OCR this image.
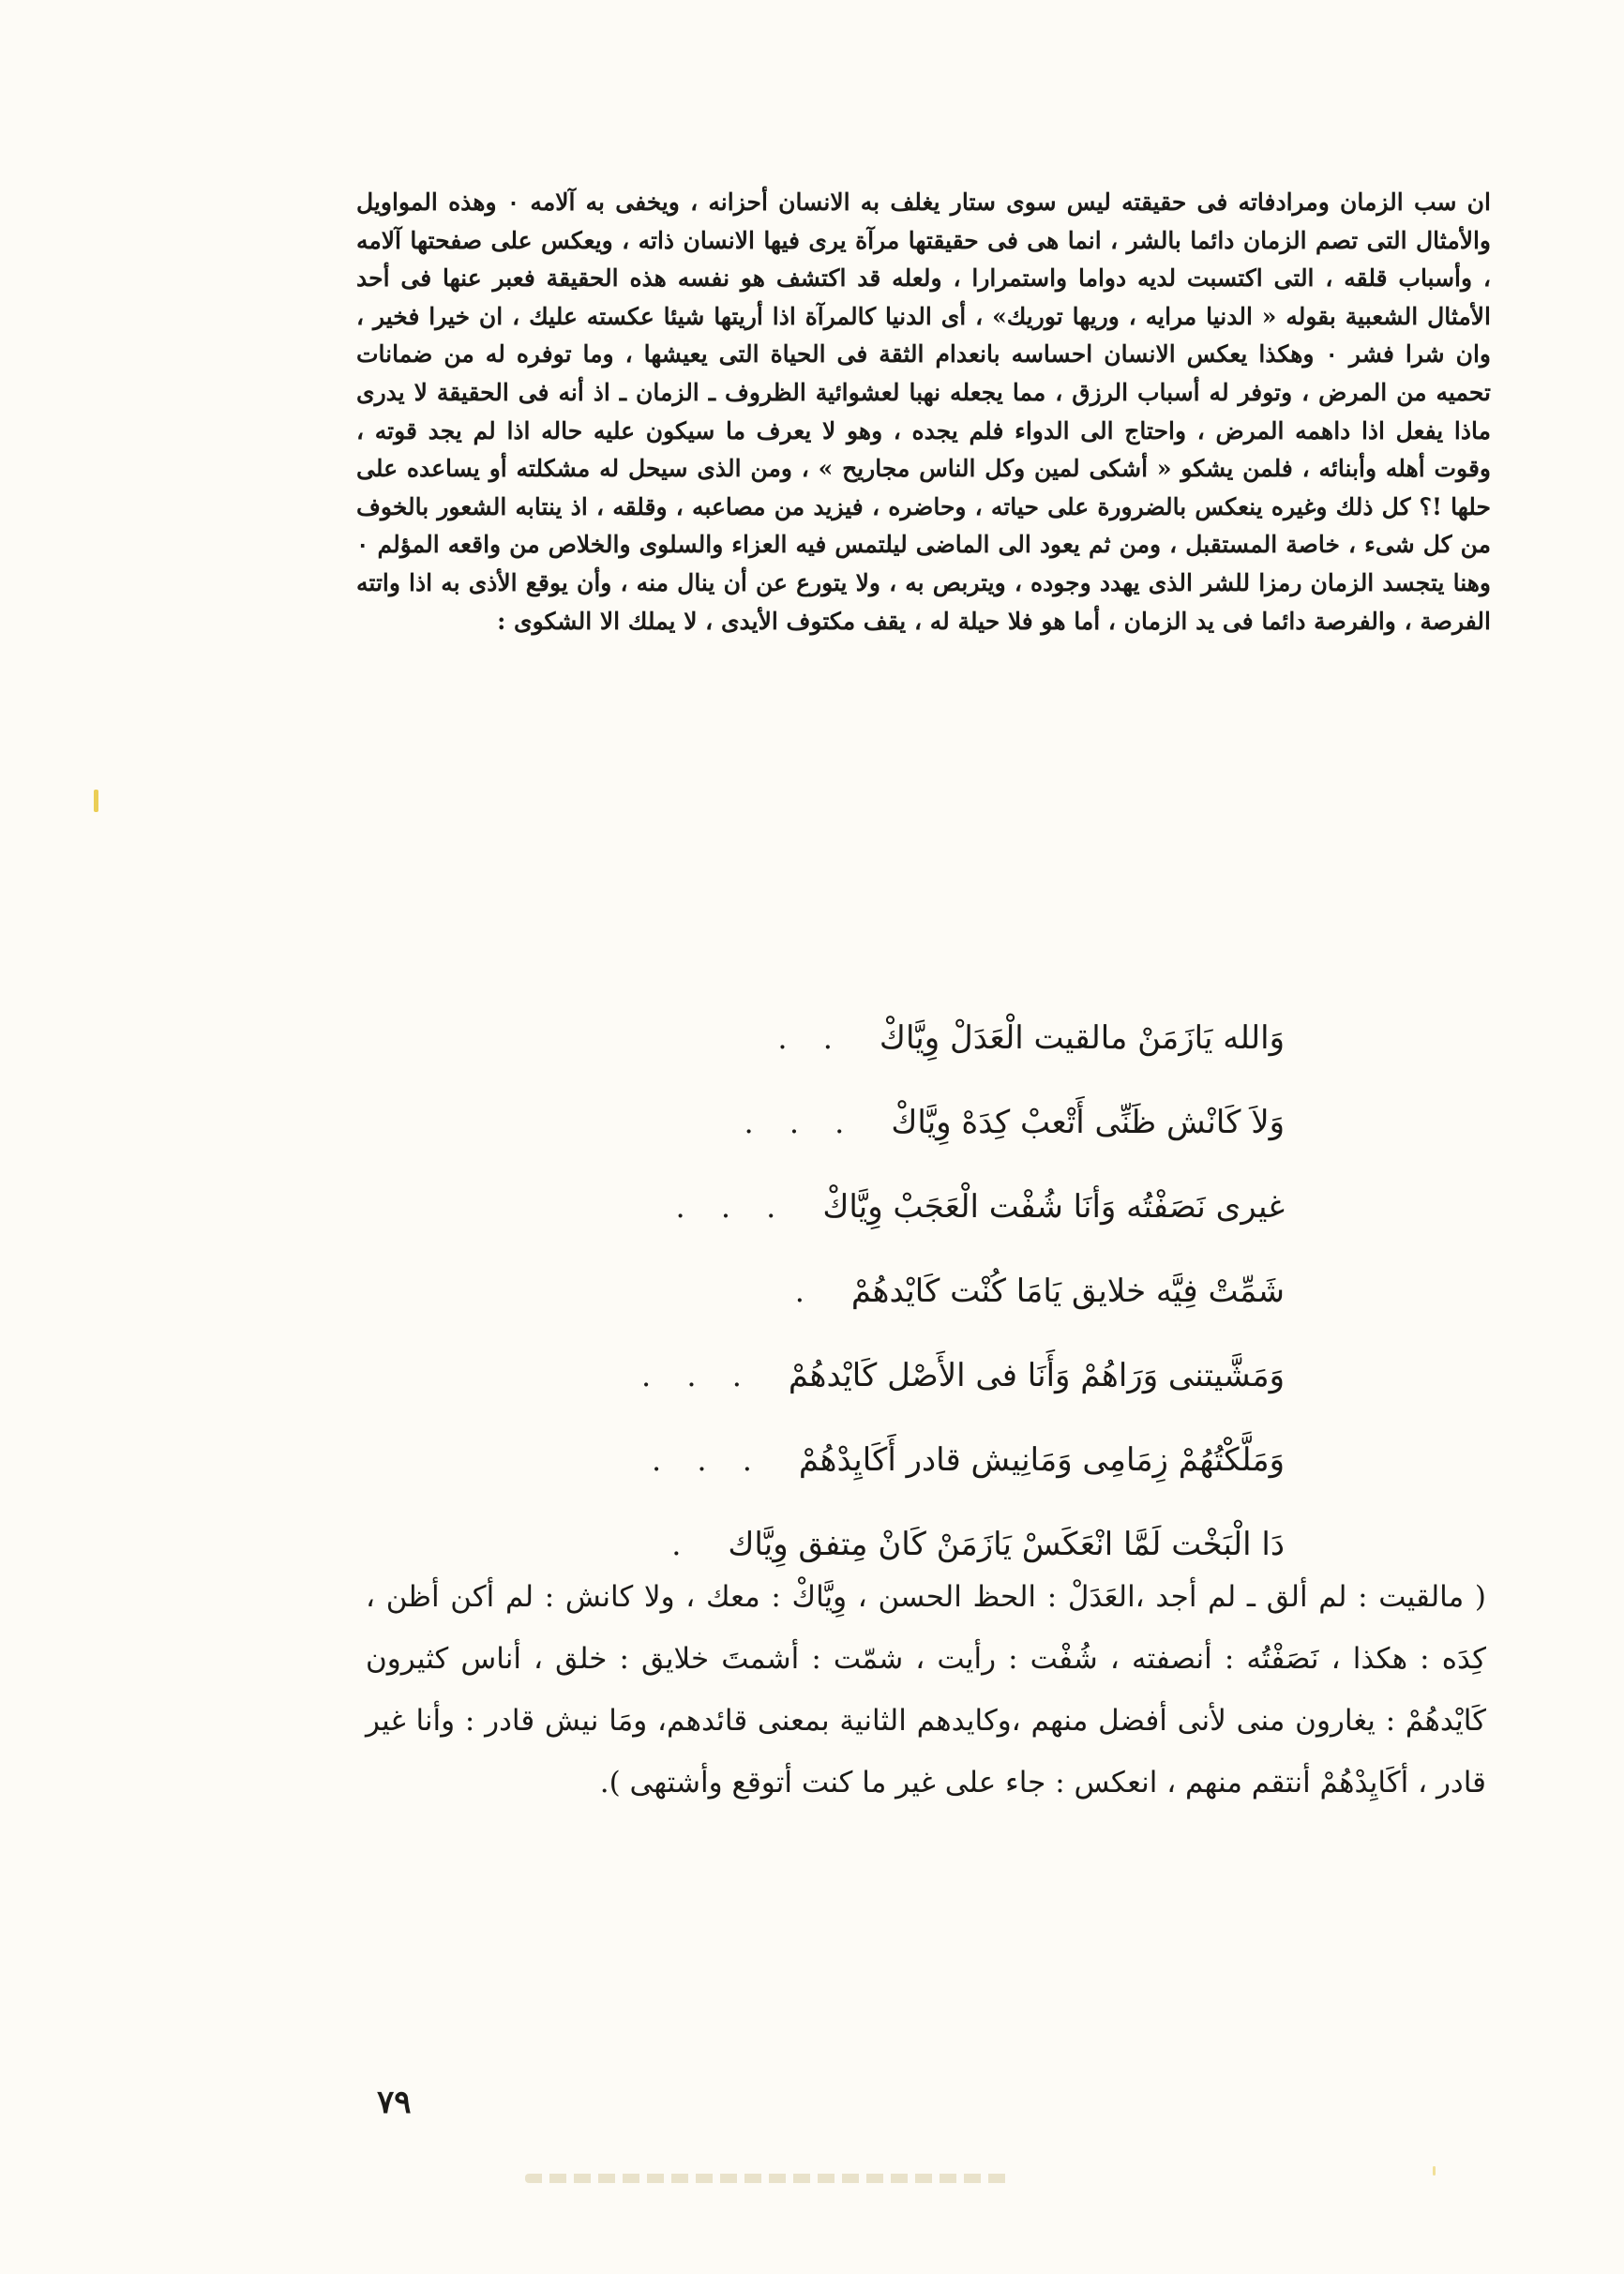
ان سب الزمان ومرادفاته فى حقيقته ليس سوى ستار يغلف به الانسان أحزانه ، ويخفى به آلامه ٠ وهذه المواويل والأمثال التى تصم الزمان دائما بالشر ، انما هى فى حقيقتها مرآة يرى فيها الانسان ذاته ، ويعكس على صفحتها آلامه ، وأسباب قلقه ، التى اكتسبت لديه دواما واستمرارا ، ولعله قد اكتشف هو نفسه هذه الحقيقة فعبر عنها فى أحد الأمثال الشعبية بقوله « الدنيا مرايه ، وريها توريك» ، أى الدنيا كالمرآة اذا أريتها شيئا عكسته عليك ، ان خيرا فخير ، وان شرا فشر ٠ وهكذا يعكس الانسان احساسه بانعدام الثقة فى الحياة التى يعيشها ، وما توفره له من ضمانات تحميه من المرض ، وتوفر له أسباب الرزق ، مما يجعله نهبا لعشوائية الظروف ـ الزمان ـ اذ أنه فى الحقيقة لا يدرى ماذا يفعل اذا داهمه المرض ، واحتاج الى الدواء فلم يجده ، وهو لا يعرف ما سيكون عليه حاله اذا لم يجد قوته ، وقوت أهله وأبنائه ، فلمن يشكو « أشكى لمين وكل الناس مجاريح » ، ومن الذى سيحل له مشكلته أو يساعده على حلها !؟ كل ذلك وغيره ينعكس بالضرورة على حياته ، وحاضره ، فيزيد من مصاعبه ، وقلقه ، اذ ينتابه الشعور بالخوف من كل شىء ، خاصة المستقبل ، ومن ثم يعود الى الماضى ليلتمس فيه العزاء والسلوى والخلاص من واقعه المؤلم ٠ وهنا يتجسد الزمان رمزا للشر الذى يهدد وجوده ، ويتربص به ، ولا يتورع عن أن ينال منه ، وأن يوقع الأذى به اذا واتته الفرصة ، والفرصة دائما فى يد الزمان ، أما هو فلا حيلة له ، يقف مكتوف الأيدى ، لا يملك الا الشكوى :

وَالله يَازَمَنْ مالقيت الْعَدَلْ وِيَّاكْ
. .
وَلاَ كَانْش ظَنِّى أَتْعبْ كِدَهْ وِيَّاكْ
. . .
غيرى نَصَفْتُه وَأنَا شُفْت الْعَجَبْ وِيَّاكْ
. . .
شَمِّتْ فِيَّه خلايق يَامَا كُنْت كَايْدهُمْ
.
وَمَشَّيتنى وَرَاهُمْ وَأَنَا فى الأَصْل كَايْدهُمْ
. . .
وَمَلَّكْتُهُمْ زِمَامِى وَمَانِيش قادر أَكَايِدْهُمْ
. . .
دَا الْبَخْت لَمَّا انْعَكَسْ يَازَمَنْ كَانْ مِتفق وِيَّاك
.

( مالقيت : لم ألق ـ لم أجد ،العَدَلْ : الحظ الحسن ، وِيَّاكْ : معك ، ولا كانش : لم أكن أظن ، كِدَه : هكذا ، نَصَفْتُه : أنصفته ، شُفْت : رأيت ، شمّت : أشمتَ خلايق : خلق ، أناس كثيرون كَايْدهُمْ : يغارون منى لأنى أفضل منهم ،وكايدهم الثانية بمعنى قائدهم، ومَا نيش قادر : وأنا غير قادر ، أكَايِدْهُمْ أنتقم منهم ، انعكس : جاء على غير ما كنت أتوقع وأشتهى ).

٧٩
